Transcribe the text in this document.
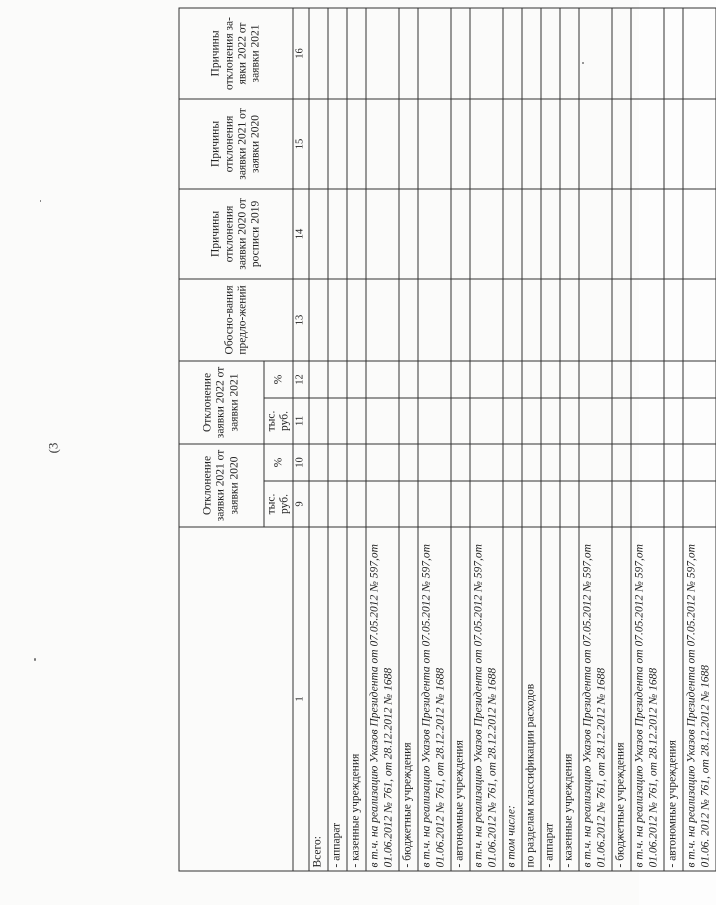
(3
	Отклонение заявки 2021 от заявки 2020		Отклонение заявки 2022 от заявки 2021		Обосно-вания предло-жений	Причины отклонения заявки 2020 от росписи 2019	Причины отклонения заявки 2021 от заявки 2020	Причины отклонения за-явки 2022 от заявки 2021
	тыс. руб.	%	тыс. руб.	%				
1	9	10	11	12	13	14	15	16
Всего:								
- аппарат								
- казенные учреждения								
в т.ч. на реализацию Указов Президента от 07.05.2012 № 597,от 01.06.2012 № 761, от 28.12.2012 № 1688								
- бюджетные учреждения								
в т.ч. на реализацию Указов Президента от 07.05.2012 № 597,от 01.06.2012 № 761, от 28.12.2012 № 1688								
- автономные учреждения								
в т.ч. на реализацию Указов Президента от 07.05.2012 № 597,от 01.06.2012 № 761, от 28.12.2012 № 1688								
в том числе:								
по разделам классификации расходов								
- аппарат								
- казенные учреждения								
в т.ч. на реализацию Указов Президента от 07.05.2012 № 597,от 01.06.2012 № 761, от 28.12.2012 № 1688								
- бюджетные учреждения								
в т.ч. на реализацию Указов Президента от 07.05.2012 № 597,от 01.06.2012 № 761, от 28.12.2012 № 1688								
- автономные учреждения								
в т.ч. на реализацию Указов Президента от 07.05.2012 № 597,от 01.06. 2012 № 761, от 28.12.2012 № 1688								
